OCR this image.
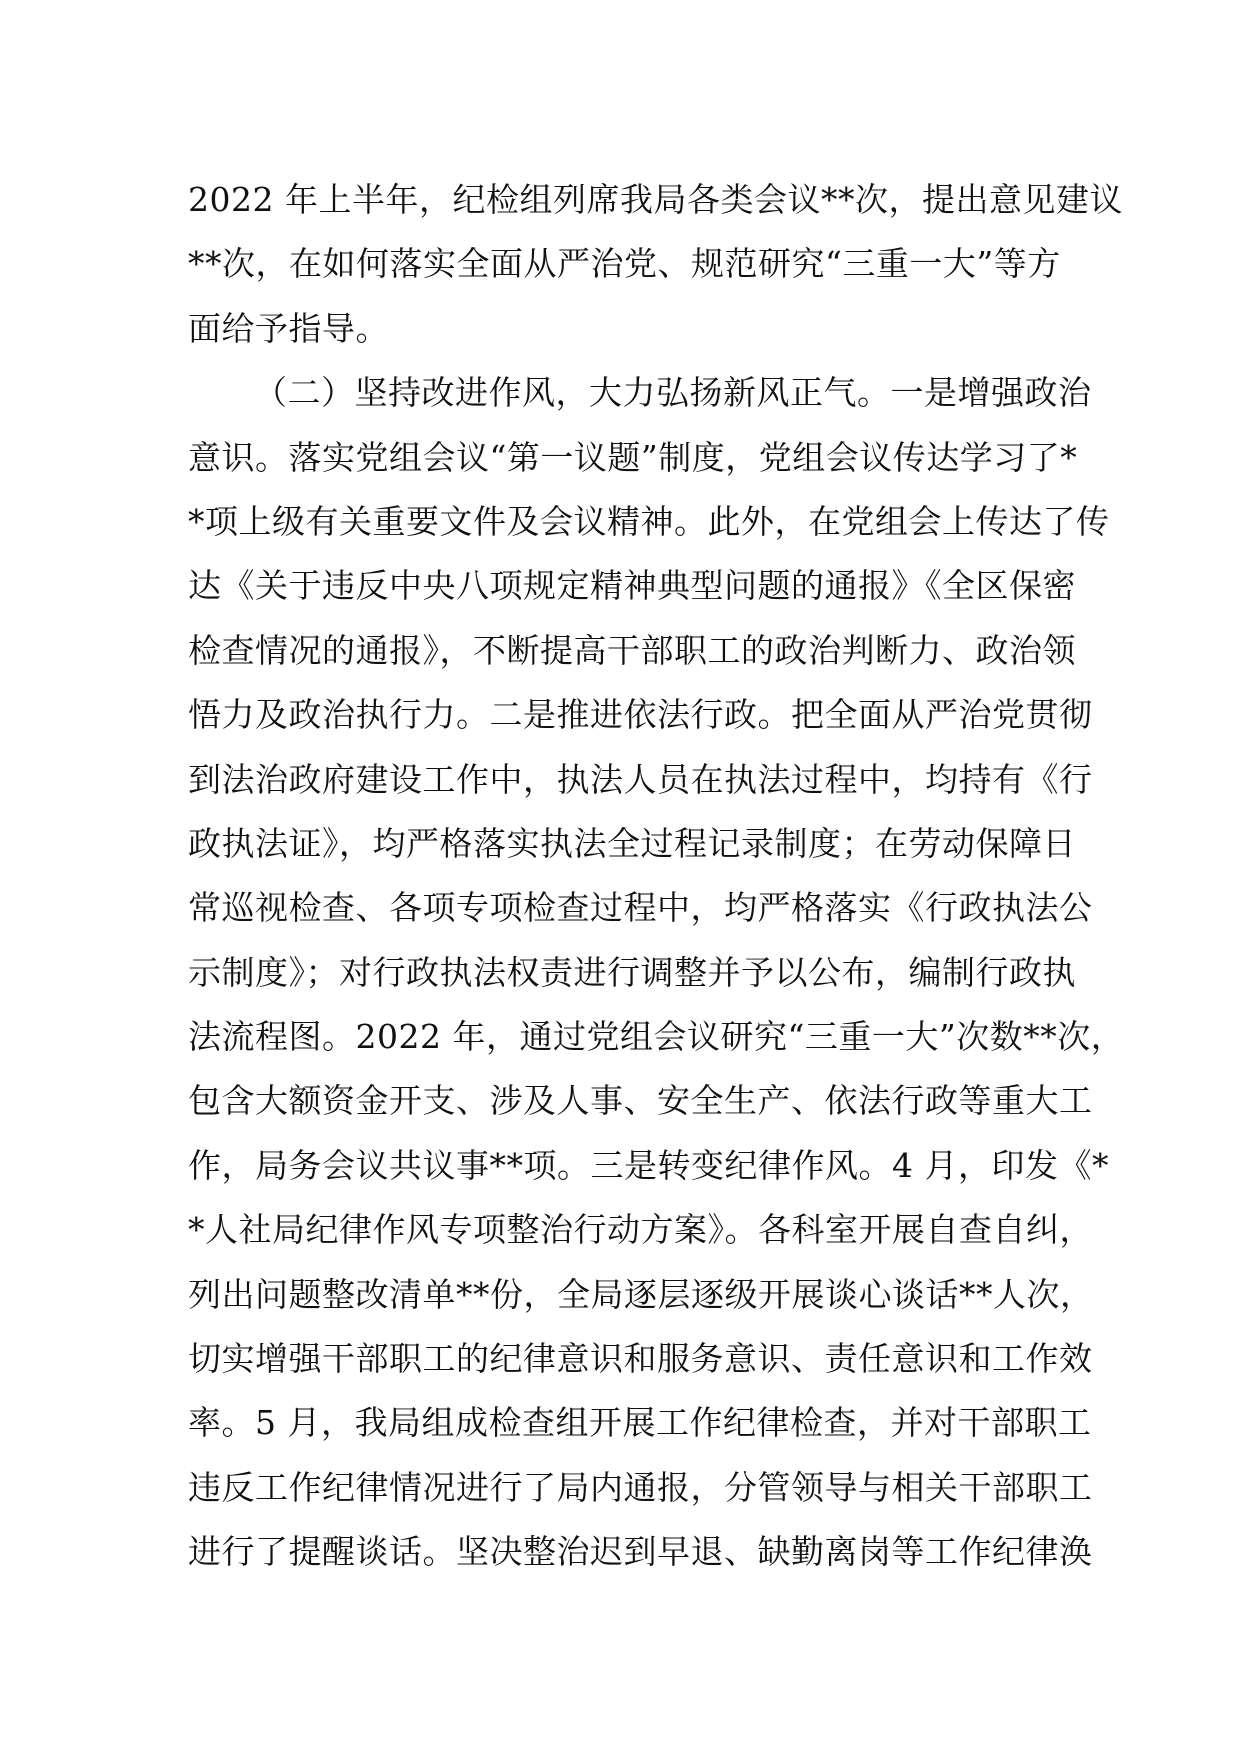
2022 年上半年，纪检组列席我局各类会议**次，提出意见建议
**次，在如何落实全面从严治党、规范研究“三重一大”等方
面给予指导。
（二）坚持改进作风，大力弘扬新风正气。一是增强政治
意识。落实党组会议“第一议题”制度，党组会议传达学习了*
*项上级有关重要文件及会议精神。此外，在党组会上传达了传
达《关于违反中央八项规定精神典型问题的通报》《全区保密
检查情况的通报》，不断提高干部职工的政治判断力、政治领
悟力及政治执行力。二是推进依法行政。把全面从严治党贯彻
到法治政府建设工作中，执法人员在执法过程中，均持有《行
政执法证》，均严格落实执法全过程记录制度；在劳动保障日
常巡视检查、各项专项检查过程中，均严格落实《行政执法公
示制度》；对行政执法权责进行调整并予以公布，编制行政执
法流程图。2022 年，通过党组会议研究“三重一大”次数**次，
包含大额资金开支、涉及人事、安全生产、依法行政等重大工
作，局务会议共议事**项。三是转变纪律作风。4 月，印发《*
*人社局纪律作风专项整治行动方案》。各科室开展自查自纠，
列出问题整改清单**份，全局逐层逐级开展谈心谈话**人次，
切实增强干部职工的纪律意识和服务意识、责任意识和工作效
率。5 月，我局组成检查组开展工作纪律检查，并对干部职工
违反工作纪律情况进行了局内通报，分管领导与相关干部职工
进行了提醒谈话。坚决整治迟到早退、缺勤离岗等工作纪律涣
